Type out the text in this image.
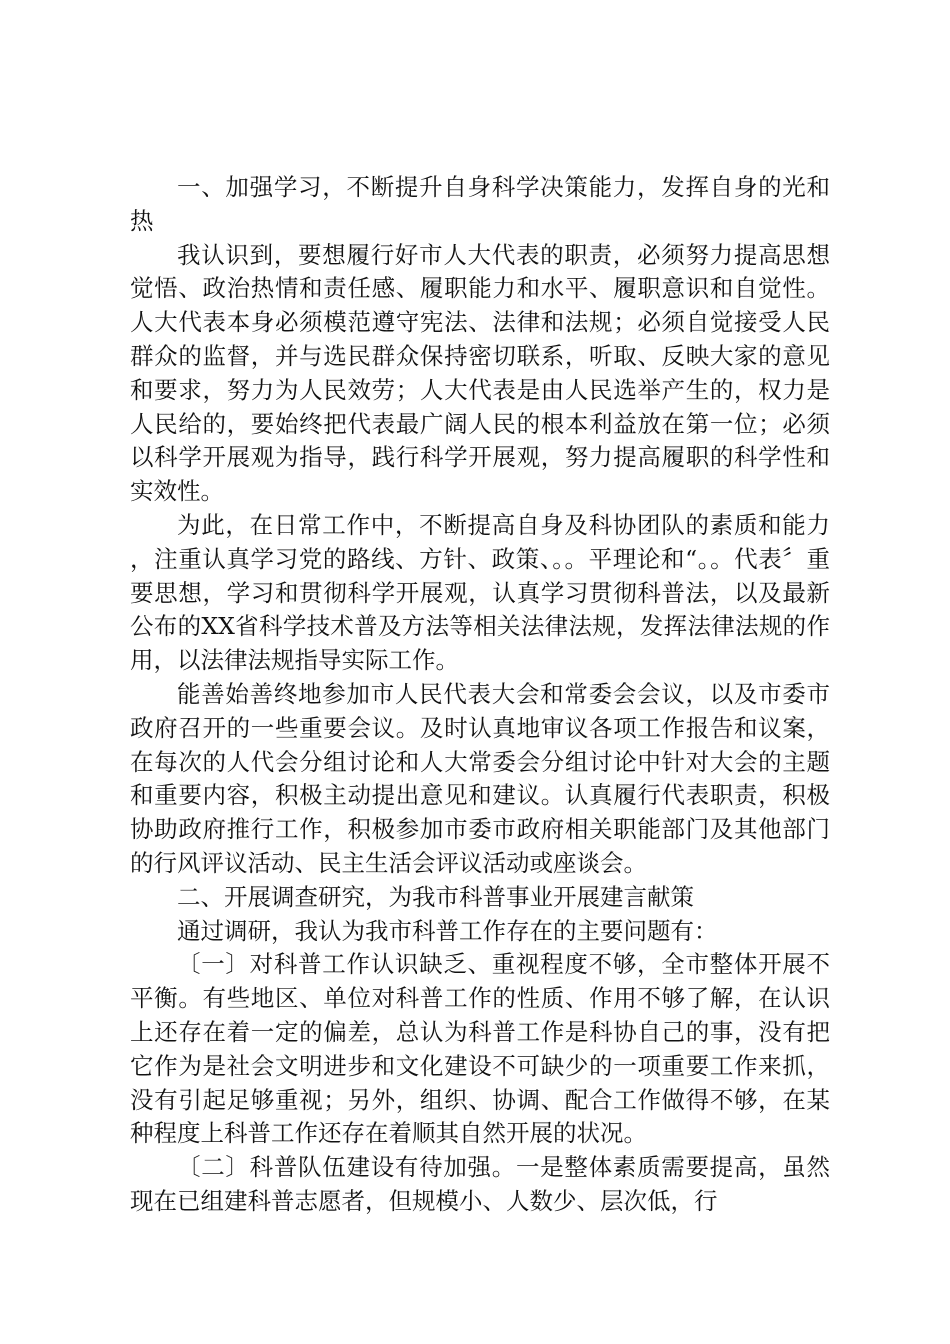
一、加强学习，不断提升自身科学决策能力，发挥自身的光和热

我认识到，要想履行好市人大代表的职责，必须努力提高思想觉悟、政治热情和责任感、履职能力和水平、履职意识和自觉性。人大代表本身必须模范遵守宪法、法律和法规；必须自觉接受人民群众的监督，并与选民群众保持密切联系，听取、反映大家的意见和要求，努力为人民效劳；人大代表是由人民选举产生的，权力是人民给的，要始终把代表最广阔人民的根本利益放在第一位；必须以科学开展观为指导，践行科学开展观，努力提高履职的科学性和实效性。

为此，在日常工作中，不断提高自身及科协团队的素质和能力，注重认真学习党的路线、方针、政策、。。平理论和“。。代表〞重要思想，学习和贯彻科学开展观，认真学习贯彻科普法，以及最新公布的XX省科学技术普及方法等相关法律法规，发挥法律法规的作用，以法律法规指导实际工作。

能善始善终地参加市人民代表大会和常委会会议，以及市委市政府召开的一些重要会议。及时认真地审议各项工作报告和议案，在每次的人代会分组讨论和人大常委会分组讨论中针对大会的主题和重要内容，积极主动提出意见和建议。认真履行代表职责，积极协助政府推行工作，积极参加市委市政府相关职能部门及其他部门的行风评议活动、民主生活会评议活动或座谈会。

二、开展调查研究，为我市科普事业开展建言献策

通过调研，我认为我市科普工作存在的主要问题有：

〔一〕对科普工作认识缺乏、重视程度不够，全市整体开展不平衡。有些地区、单位对科普工作的性质、作用不够了解，在认识上还存在着一定的偏差，总认为科普工作是科协自己的事，没有把它作为是社会文明进步和文化建设不可缺少的一项重要工作来抓，没有引起足够重视；另外，组织、协调、配合工作做得不够，在某种程度上科普工作还存在着顺其自然开展的状况。

〔二〕科普队伍建设有待加强。一是整体素质需要提高，虽然现在已组建科普志愿者，但规模小、人数少、层次低，行
